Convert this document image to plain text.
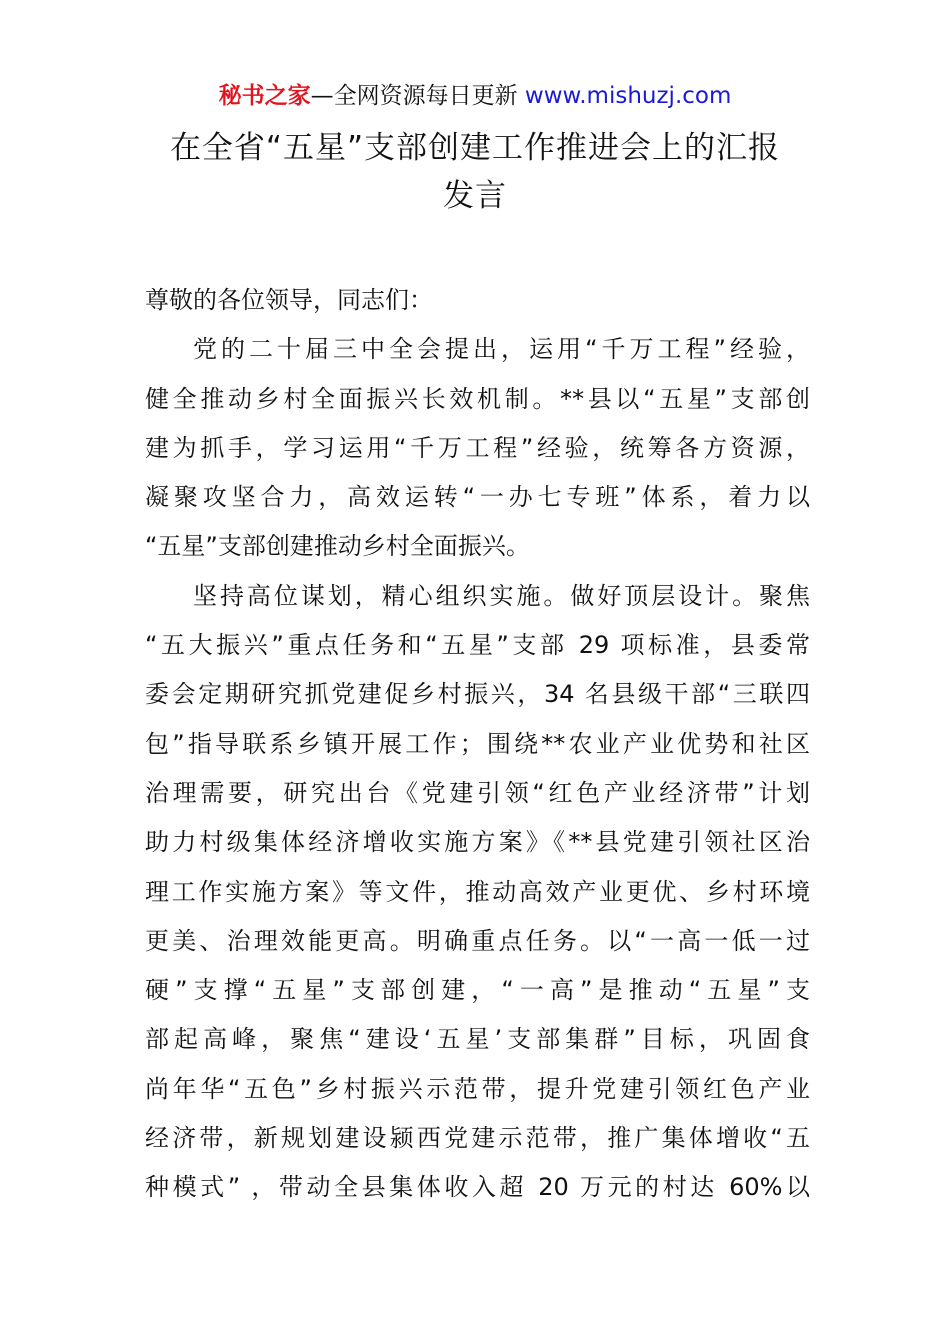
秘书之家—全网资源每日更新 www.mishuzj.com
在全省“五星”支部创建工作推进会上的汇报
发言
尊敬的各位领导，同志们：
党的二十届三中全会提出，运用“千万工程”经验，
健全推动乡村全面振兴长效机制。**县以“五星”支部创
建为抓手，学习运用“千万工程”经验，统筹各方资源，
凝聚攻坚合力，高效运转“一办七专班”体系，着力以
“五星”支部创建推动乡村全面振兴。
坚持高位谋划，精心组织实施。做好顶层设计。聚焦
“五大振兴”重点任务和“五星”支部 29 项标准，县委常
委会定期研究抓党建促乡村振兴，34 名县级干部“三联四
包”指导联系乡镇开展工作；围绕**农业产业优势和社区
治理需要，研究出台《党建引领“红色产业经济带”计划
助力村级集体经济增收实施方案》《**县党建引领社区治
理工作实施方案》等文件，推动高效产业更优、乡村环境
更美、治理效能更高。明确重点任务。以“一高一低一过
硬”支撑“五星”支部创建，“一高”是推动“五星”支
部起高峰，聚焦“建设‘五星’支部集群”目标，巩固食
尚年华“五色”乡村振兴示范带，提升党建引领红色产业
经济带，新规划建设颍西党建示范带，推广集体增收“五
种模式” ，带动全县集体收入超 20 万元的村达 60%以
